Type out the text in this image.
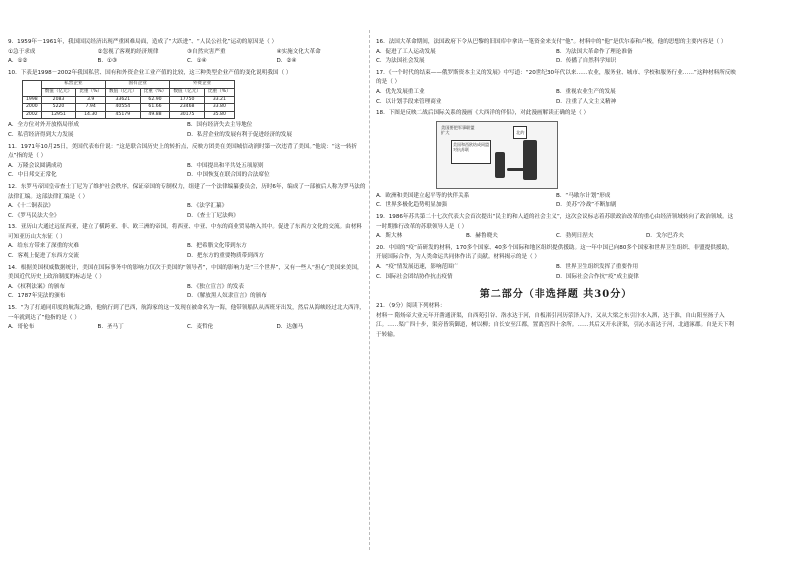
9．1959年－1961年，我国国民经济出现严重困难局面，造成了“大跃进”、“人民公社化”运动的原因是（ ）
①急于求成	②忽视了客观的经济规律	③自然灾害严重	④实施文化大革命
A．①②	B．①③	C．①④	D．②④
10．下表是1998－2002年我国私营、国有和外资企业工业产值的比较，这三种类型企业产值的变化说明我国（ ）
	私营企业		国有企业		外资企业	
	数值（亿元）	比重（%）	数值（亿元）	比重（%）	数值（亿元）	比重（%）
1998	2083	3.9	33621	62.90	17750	33.21
2000	5220	7.94	40554	61.66	23468	33.80
2002	12951	14.30	45179	49.88	30175	35.80
A．全方位对外开放格局形成	B．国有经济失去主导地位
C．私营经济得到大力发展	D．私营企业的发展有利于促进经济的发展
11．1971年10月25日，美国代表布什说：“这是联合国历史上的转折点，反映方团美在美国城信动润时第一次违背了美国。”他说：“这一转折点”指的是（ ）
A．万隆会议圆满成功	B．中国提出和平共处五项原则
C．中日邦交正常化	D．中国恢复在联合国的合法席位
12．东罗马帝国皇帝查士丁尼为了维护社会秩序，保证帝国的专制权力，组建了一个法律编纂委员会，历时6年，编成了一部被后人称为罗马法的法律汇编。这部法律汇编是（ ）
A．《十二铜表法》	B．《法学汇纂》
C．《罗马民法大全》	D．《查士丁尼法典》
13．亚历山大通过远征西亚，建立了横跨亚、非、欧三洲的帝国，将西亚、中亚、中东的商业贸易纳入其中。促进了东西方文化的交流。由材料可知亚历山大东征（ ）
A．给东方带来了深重的灾难	B．把希腊文化带到东方
C．客观上促进了东西方交流	D．把东方的重要物质带到西方
14．根据美国权威数据统计，美国在国际事务中的影响力仅次于美国的“领导者”，中国的影响力是“三个世界”，又有一些人“担心”美国来美国，美国近代历史上政治制度的标志是（ ）
A．《权利法案》的颁布	B．《独立宣言》的发表
C．1787年宪法的颁布	D．《解放黑人奴隶宣言》的颁布
15．“为了打通同印度的航海之路，他航行到了巴西，航海家的这一发现在被命名为一海，他带领船队从西班牙出发，然后从海峡经过北大西洋，一年就到达了”他指的是（ ）
A．哥伦布	B．圣马丁	C．麦哲伦	D．达伽马
16．法国大革命期间，法国政府下令从巴黎的旧国库中拿出一笔资金来支付“他”。材料中的“他”是伏尔泰和卢梭，他的思想的主要内容是（ ）
A．促进了工人运动发展	B．为法国大革命作了理论准备
C．为法国社会发展	D．传播了自然科学知识
17．《一个时代的结束——俄罗斯资本主义的发展》中写道：“20世纪30年代以来……农业，服务业、城市、学校和服务行业……”这种材料所反映的是（ ）
A．优先发展重工业	B．重视农业生产的发展
C．以计划手段来管理商业	D．注重了人文主义精神
18．下图是反映二战后国际关系的漫画《大西洋的伴侣》，对此漫画解读正确的是（ ）
美国要把军事联盟扩大	北约
美国和西欧结成同盟对抗苏联
A．欧洲和美国建立起平等的伙伴关系	B．“马歇尔计划”形成
C．世界多极化趋势明显加强	D．美苏“冷战”不断加剧
19．1986年苏共第二十七次代表大会首次提出“民主的和人道的社会主义”，这次会议标志着苏联政治改革的重心由经济领域转向了政治领域。这一时期推行改革的苏联领导人是（ ）
A．斯大林	B．赫鲁晓夫	C．勃列日涅夫	D．戈尔巴乔夫
20．中国的“疫”苗研发的材料，170多个国家、40多个国际和地区组织提供援助。这一年中国已向80多个国家和世界卫生组织、非盟提供援助，开展国际合作，为人类命运共同体作出了贡献。材料揭示的是（ ）
A．“疫”情发展迅速，影响范围广	B．世界卫生组织发挥了重要作用
C．国际社会团结协作抗击疫情	D．国际社会合作抗“疫”成主旋律
第二部分（非选择题 共30分）
21．（9分）阅读下列材料：
材料一 隋炀帝大业元年开凿通济渠，自西苑引谷、洛水达于河，自板渚引河历荥泽入汴，又从大梁之东引汴水入泗，达于淮，自山阳至扬子入江。……渠广四十步，渠旁皆筑御道，树以柳；自长安至江都，置离宫四十余所。……其后又开永济渠，引沁水南达于河，北通涿郡。自是天下利于转输。
